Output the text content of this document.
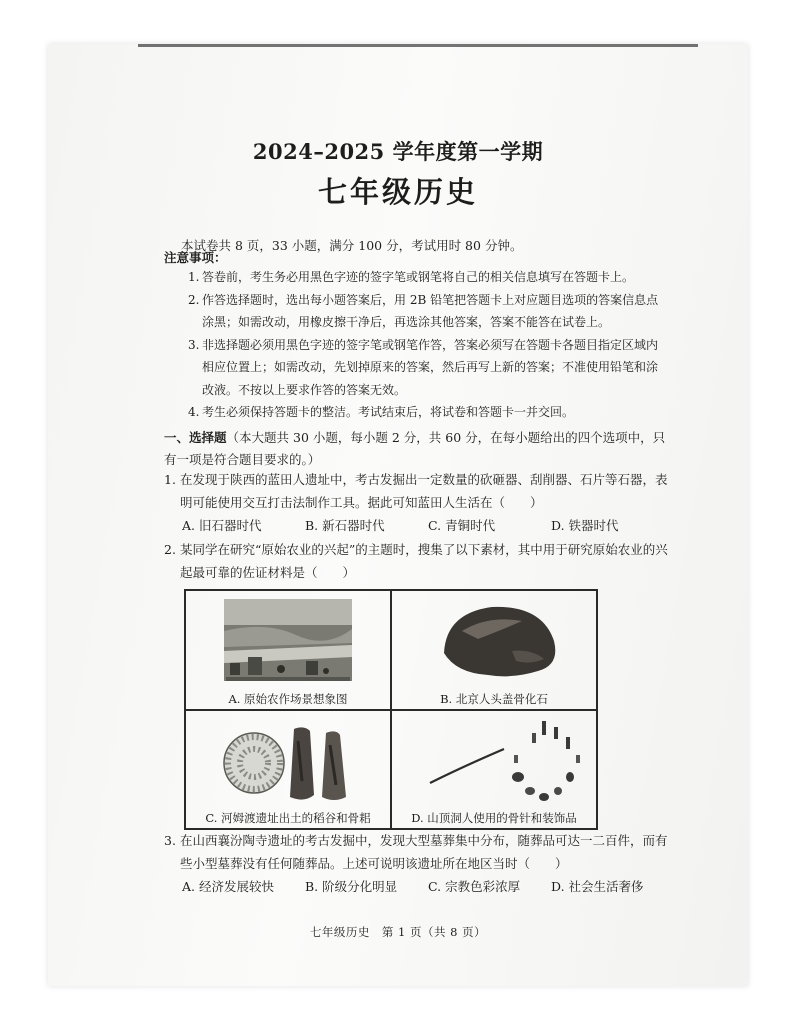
2024–2025 学年度第一学期
七年级历史
本试卷共 8 页，33 小题，满分 100 分，考试用时 80 分钟。
注意事项：
1. 答卷前，考生务必用黑色字迹的签字笔或钢笔将自己的相关信息填写在答题卡上。
2. 作答选择题时，选出每小题答案后，用 2B 铅笔把答题卡上对应题目选项的答案信息点涂黑；如需改动，用橡皮擦干净后，再选涂其他答案，答案不能答在试卷上。
3. 非选择题必须用黑色字迹的签字笔或钢笔作答，答案必须写在答题卡各题目指定区域内相应位置上；如需改动，先划掉原来的答案，然后再写上新的答案；不准使用铅笔和涂改液。不按以上要求作答的答案无效。
4. 考生必须保持答题卡的整洁。考试结束后，将试卷和答题卡一并交回。
一、选择题（本大题共 30 小题，每小题 2 分，共 60 分，在每小题给出的四个选项中，只有一项是符合题目要求的。）
1. 在发现于陕西的蓝田人遗址中，考古发掘出一定数量的砍砸器、刮削器、石片等石器，表明可能使用交互打击法制作工具。据此可知蓝田人生活在（　　）
A. 旧石器时代	B. 新石器时代	C. 青铜时代	D. 铁器时代
2. 某同学在研究“原始农业的兴起”的主题时，搜集了以下素材，其中用于研究原始农业的兴起最可靠的佐证材料是（　　）
A. 原始农作场景想象图	B. 北京人头盖骨化石
C. 河姆渡遗址出土的稻谷和骨耜	D. 山顶洞人使用的骨针和装饰品
3. 在山西襄汾陶寺遗址的考古发掘中，发现大型墓葬集中分布，随葬品可达一二百件，而有些小型墓葬没有任何随葬品。上述可说明该遗址所在地区当时（　　）
A. 经济发展较快	B. 阶级分化明显	C. 宗教色彩浓厚	D. 社会生活奢侈
七年级历史　第 1 页（共 8 页）
